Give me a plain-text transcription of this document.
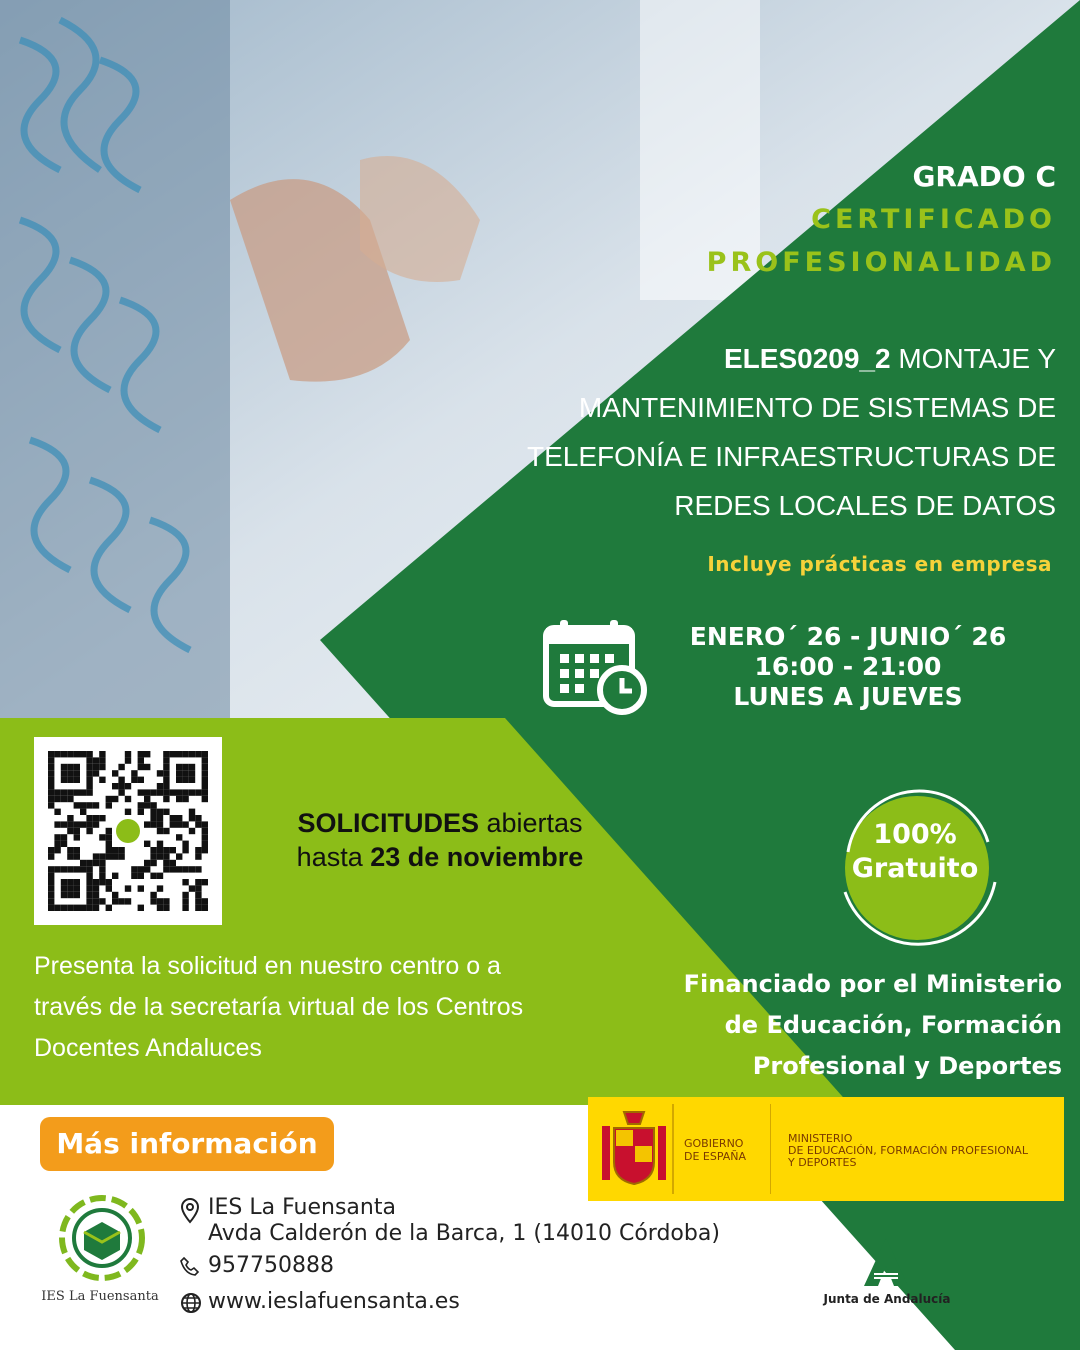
GRADO C
CERTIFICADO
PROFESIONALIDAD
ELES0209_2 MONTAJE Y
MANTENIMIENTO DE SISTEMAS DE
TELEFONÍA E INFRAESTRUCTURAS DE
REDES LOCALES DE DATOS
Incluye prácticas en empresa
ENERO´ 26 - JUNIO´ 26
16:00 - 21:00
LUNES A JUEVES
100%
Gratuito
Financiado por el Ministerio
de Educación, Formación
Profesional y Deportes
SOLICITUDES abiertas
hasta 23 de noviembre
Presenta la solicitud en nuestro centro o a
través de la secretaría virtual de los Centros
Docentes Andaluces
Más información	GOBIERNO
DE ESPAÑA
MINISTERIO
DE EDUCACIÓN, FORMACIÓN PROFESIONAL
Y DEPORTES
IES La Fuensanta
IES La Fuensanta
Avda Calderón de la Barca, 1 (14010 Córdoba)
957750888
www.ieslafuensanta.es	Junta de Andalucía
